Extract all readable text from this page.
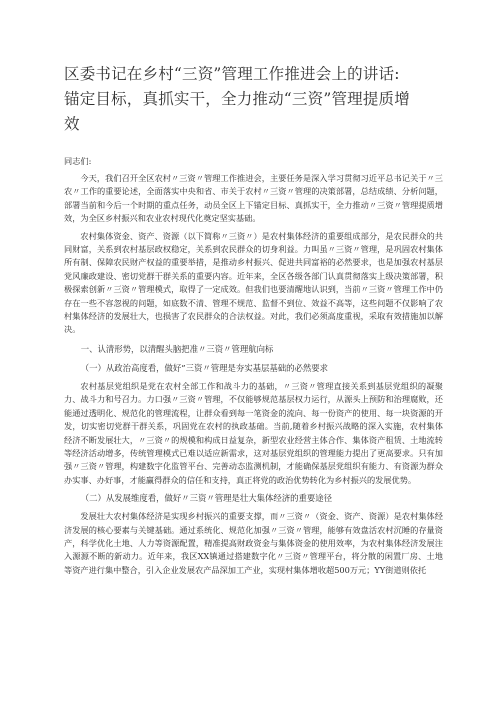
区委书记在乡村“三资”管理工作推进会上的讲话:
锚定目标，真抓实干，全力推动“三资”管理提质增
效
同志们:

今天，我们召开全区农村〃三资〃管理工作推进会，主要任务是深入学习贯彻习近平总书记关于〃三农〃工作的重要论述，全面落实中央和省、市关于农村〃三资〃管理的决策部署，总结成绩、分析问题，部署当前和今后一个时期的重点任务，动员全区上下锚定目标、真抓实干，全力推动〃三资〃管理提质增效，为全区乡村振兴和农业农村现代化奠定坚实基础。

农村集体资金、资产、资源（以下简称〃三资〃）是农村集体经济的重要组成部分，是农民群众的共同财富，关系到农村基层政权稳定，关系到农民群众的切身利益。力叫虽〃三资〃管理，是巩固农村集体所有制、保障农民财产权益的重要举措，是推动乡村振兴、促进共同富裕的必然要求，也是加强农村基层党风廉政建设、密切党群干群关系的重要内容。近年来，全区各级各部门认真贯彻落实上级决策部署，积极探索创新〃三资〃管理模式，取得了一定成效。但我们也要清醒地认识到，当前〃三资〃管理工作中仍存在一些不容忽视的问题，如底数不清、管理不规范、监督不到位、效益不高等，这些问题不仅影响了农村集体经济的发展壮大，也损害了农民群众的合法权益。对此，我们必须高度重视，采取有效措施加以解决。

一、认清形势，以清醒头脑把准〃三资〃管理航向标
（一）从政治高度看，做好”三资〃管理是夯实基层基础的必然要求

农村基层党组织是党在农村全部工作和战斗力的基础，〃三资〃管理直接关系到基层党组织的凝聚力、战斗力和号召力。力口强〃三资〃管理，不仅能够规范基层权力运行，从源头上预防和治理腐败，还能通过透明化、规范化的管理流程，让群众看到每一笔资金的流向、每一份资产的使用、每一块资源的开发，切实密切党群干群关系，巩固党在农村的执政基础。当前,随着乡村振兴战略的深入实施，农村集体经济不断发展壮大，〃三资〃的规模和构成日益复杂，新型农业经营主体合作、集体资产租赁、土地流转等经济活动增多，传统管理模式已难以适应新需求，这对基层党组织的管理能力提出了更高要求。只有加强〃三资〃管理，构建数字化监管平台、完善动态监测机制，才能确保基层党组织有能力、有资源为群众办实事、办好事，才能赢得群众的信任和支持，真正将党的政治优势转化为乡村振兴的发展优势。

（二）从发展维度看，做好〃三资〃管理是壮大集体经济的重要途径

发展壮大农村集体经济是实现乡村振兴的重要支撑，而〃三资〃（资金、资产、资源）是农村集体经济发展的核心要素与关键基础。通过系统化、规范化加强〃三资〃管理，能够有效盘活农村沉睡的存量资产，科学优化土地、人力等资源配置，精准提高财政资金与集体资金的使用效率，为农村集体经济发展注入源源不断的新动力。近年来，我区XX镇通过搭建数字化〃三资〃管理平台，将分散的闲置厂房、土地等资产进行集中整合，引入企业发展农产品深加工产业，实现村集体增收超500万元；YY街道则依托
